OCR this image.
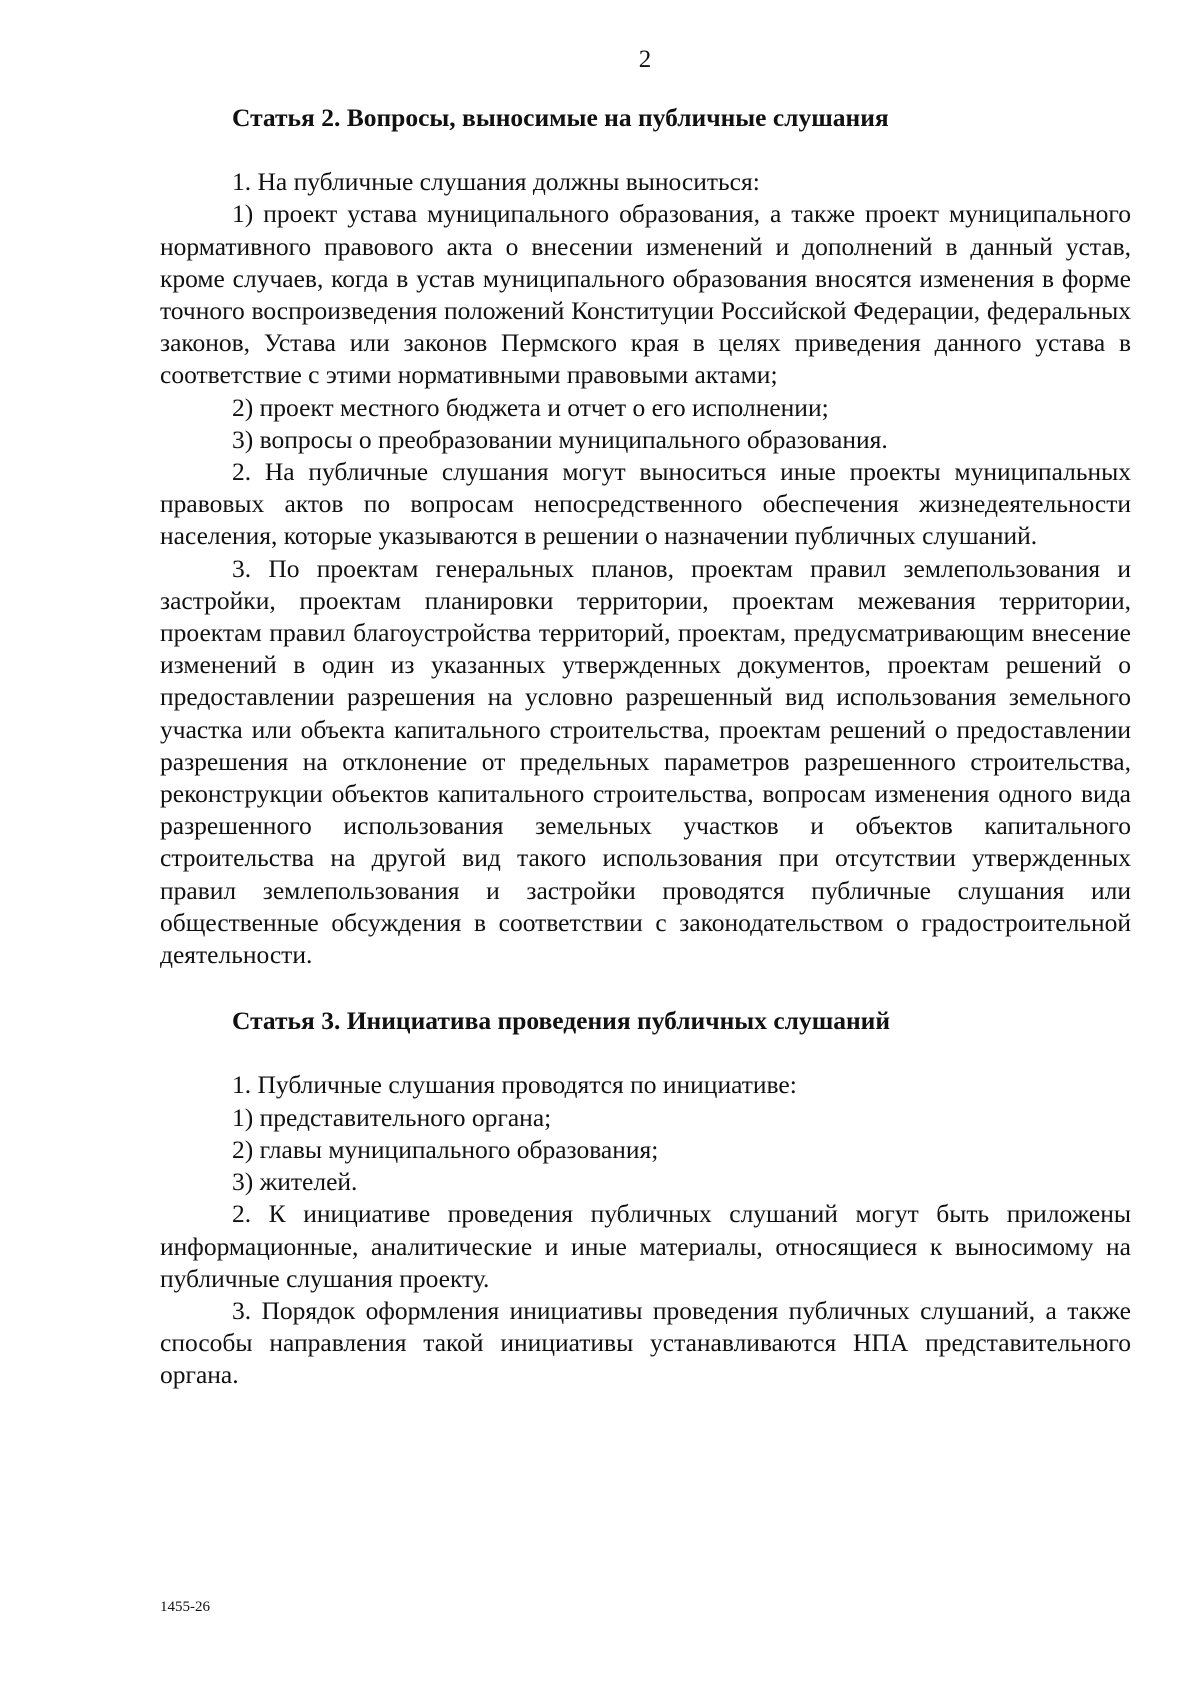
2
Статья 2. Вопросы, выносимые на публичные слушания

1. На публичные слушания должны выноситься:

1) проект устава муниципального образования, а также проект муниципального нормативного правового акта о внесении изменений и дополнений в данный устав, кроме случаев, когда в устав муниципального образования вносятся изменения в форме точного воспроизведения положений Конституции Российской Федерации, федеральных законов, Устава или законов Пермского края в целях приведения данного устава в соответствие с этими нормативными правовыми актами;

2) проект местного бюджета и отчет о его исполнении;

3) вопросы о преобразовании муниципального образования.

2. На публичные слушания могут выноситься иные проекты муниципальных правовых актов по вопросам непосредственного обеспечения жизнедеятельности населения, которые указываются в решении о назначении публичных слушаний.

3. По проектам генеральных планов, проектам правил землепользования и застройки, проектам планировки территории, проектам межевания территории, проектам правил благоустройства территорий, проектам, предусматривающим внесение изменений в один из указанных утвержденных документов, проектам решений о предоставлении разрешения на условно разрешенный вид использования земельного участка или объекта капитального строительства, проектам решений о предоставлении разрешения на отклонение от предельных параметров разрешенного строительства, реконструкции объектов капитального строительства, вопросам изменения одного вида разрешенного использования земельных участков и объектов капитального строительства на другой вид такого использования при отсутствии утвержденных правил землепользования и застройки проводятся публичные слушания или общественные обсуждения в соответствии с законодательством о градостроительной деятельности.

Статья 3. Инициатива проведения публичных слушаний

1. Публичные слушания проводятся по инициативе:

1) представительного органа;

2) главы муниципального образования;

3) жителей.

2. К инициативе проведения публичных слушаний могут быть приложены информационные, аналитические и иные материалы, относящиеся к выносимому на публичные слушания проекту.

3. Порядок оформления инициативы проведения публичных слушаний, а также способы направления такой инициативы устанавливаются НПА представительного органа.

1455-26
